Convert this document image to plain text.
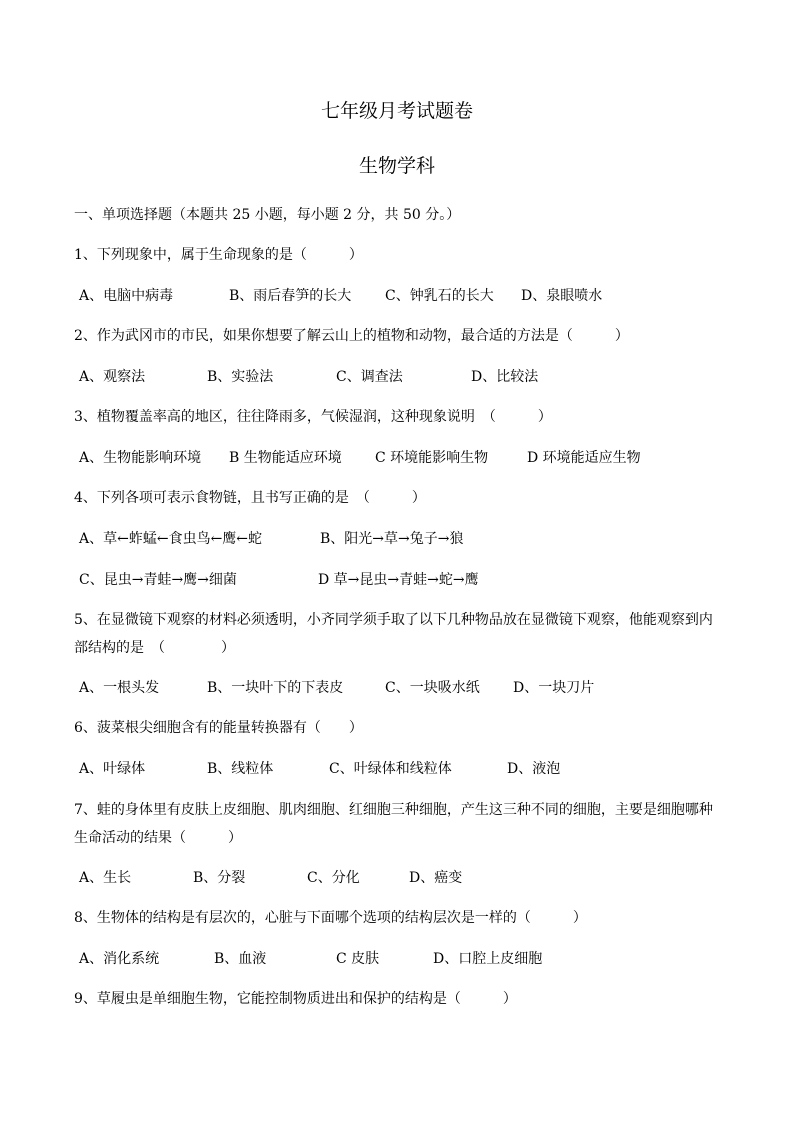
七年级月考试题卷
生物学科
一、单项选择题（本题共 25 小题，每小题 2 分，共 50 分。）
1、下列现象中，属于生命现象的是（　　　）
A、电脑中病毒	B、雨后春笋的长大 C、钟乳石的长大 D、泉眼喷水
2、作为武冈市的市民，如果你想要了解云山上的植物和动物，最合适的方法是（　　　）
A、观察法	B、实验法	C、调查法	D、比较法
3、植物覆盖率高的地区，往往降雨多，气候湿润，这种现象说明　（　　　）
A、生物能影响环境 B 生物能适应环境 C 环境能影响生物	D 环境能适应生物
4、下列各项可表示食物链，且书写正确的是　（　　　）
A、草←蚱蜢←食虫鸟←鹰←蛇	B、阳光→草→兔子→狼
C、昆虫→青蛙→鹰→细菌	D 草→昆虫→青蛙→蛇→鹰
5、在显微镜下观察的材料必须透明，小齐同学须手取了以下几种物品放在显微镜下观察，他能观察到内部结构的是　（　　　　）
A、一根头发	B、一块叶下的下表皮	C、一块吸水纸 D、一块刀片
6、菠菜根尖细胞含有的能量转换器有（　　）
A、叶绿体	B、线粒体	C、叶绿体和线粒体	D、液泡
7、蛙的身体里有皮肤上皮细胞、肌肉细胞、红细胞三种细胞，产生这三种不同的细胞，主要是细胞哪种生命活动的结果（　　　）
A、生长	B、分裂	C、分化	D、癌变
8、生物体的结构是有层次的，心脏与下面哪个选项的结构层次是一样的（　　　）
A、消化系统	B、血液	C 皮肤	D、口腔上皮细胞
9、草履虫是单细胞生物，它能控制物质进出和保护的结构是（　　　）
